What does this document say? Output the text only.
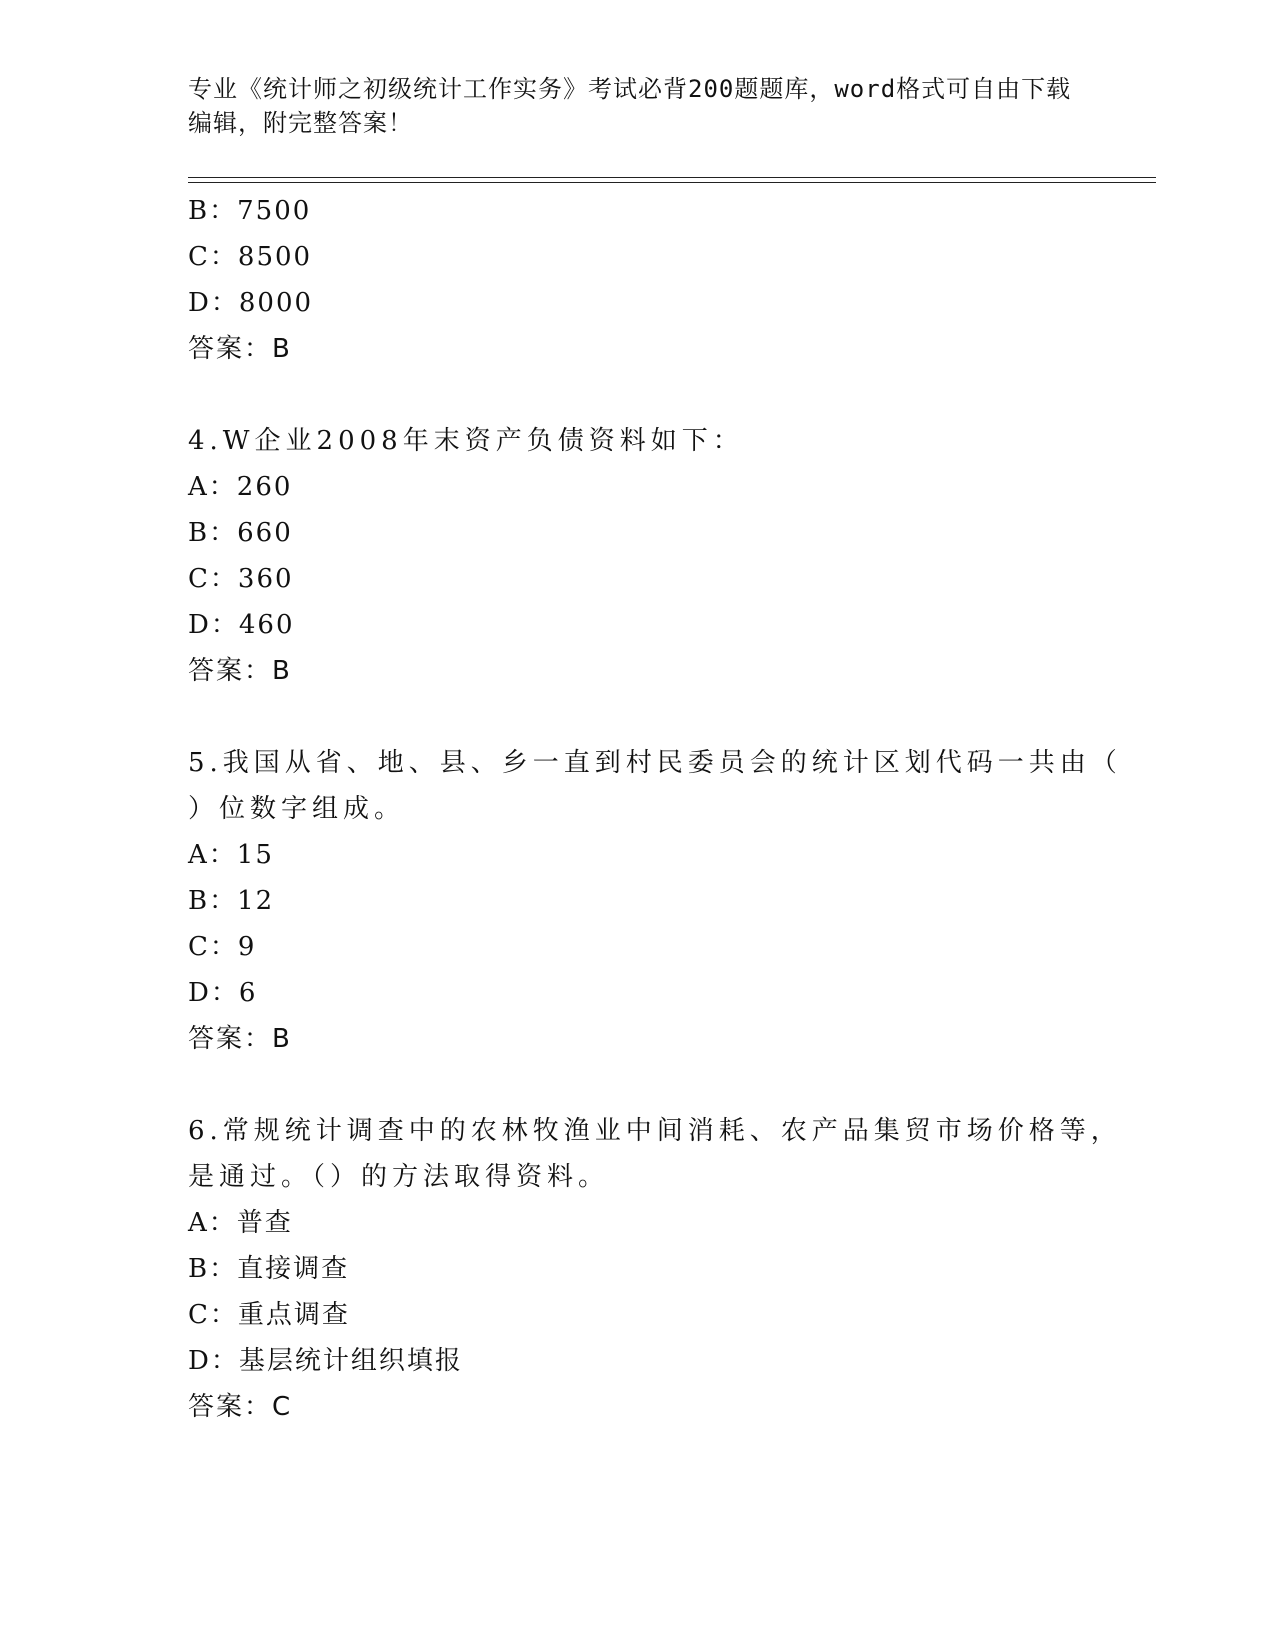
专业《统计师之初级统计工作实务》考试必背200题题库，word格式可自由下载
编辑，附完整答案！
B：7500
C：8500
D：8000
答案：B
4.W企业2008年末资产负债资料如下：
A：260
B：660
C：360
D：460
答案：B
5.我国从省、地、县、乡一直到村民委员会的统计区划代码一共由（
）位数字组成。
A：15
B：12
C：9
D：6
答案：B
6.常规统计调查中的农林牧渔业中间消耗、农产品集贸市场价格等，
是通过。（）的方法取得资料。
A：普查
B：直接调查
C：重点调查
D：基层统计组织填报
答案：C
